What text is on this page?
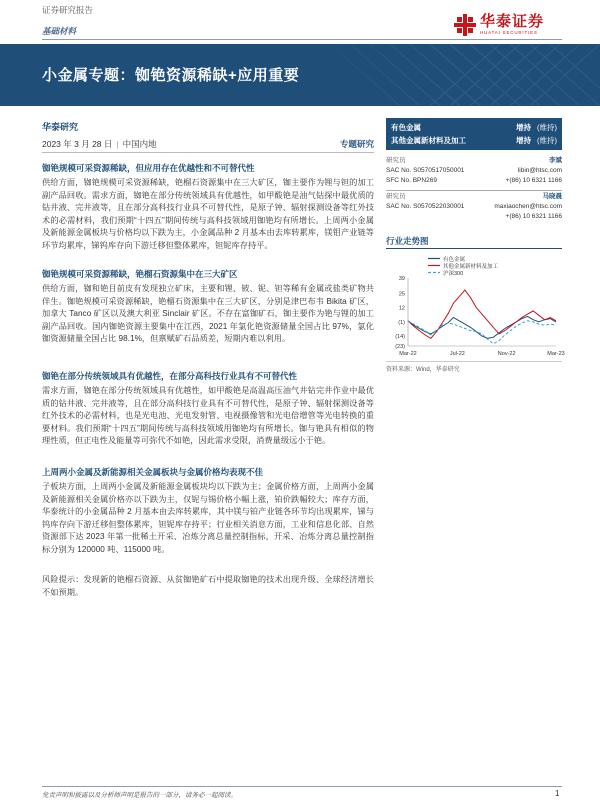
证券研究报告
基础材料
华泰证券
HUATAI SECURITIES
小金属专题：铷铯资源稀缺+应用重要
华泰研究
2023 年 3 月 28 日 | 中国内地	专题研究
铷铯规模可采资源稀缺，但应用存在优越性和不可替代性
供给方面，铷铯规模可采资源稀缺，铯榴石资源集中在三大矿区，铷主要作为锂与钽的加工副产品回收。需求方面，铷铯在部分传统领域具有优越性，如甲酸铯是油气钻探中最优质的钻井液、完井液等，且在部分高科技行业具不可替代性，是原子钟、辐射探测设备等红外技术的必需材料，我们预期“十四五”期间传统与高科技领域用铷铯均有所增长。上周两小金属及新能源金属板块与价格均以下跌为主，小金属品种 2 月基本由去库转累库，镁钼产业链等环节均累库，锑钨库存向下游迁移但整体累库，钽铌库存持平。
铷铯规模可采资源稀缺，铯榴石资源集中在三大矿区
供给方面，铷和铯目前皮有发现独立矿床，主要和锂、铍、铌、钽等稀有金属或盐类矿物共伴生。铷铯规模可采资源稀缺，铯榴石资源集中在三大矿区，分别是津巴布韦 Bikita 矿区，加拿大 Tanco 矿区以及澳大利亚 Sinclair 矿区。不存在富铷矿石，铷主要作为铯与锂的加工副产品回收。国内铷铯资源主要集中在江西，2021 年氯化铯资源储量全国占比 97%，氯化铷资源储量全国占比 98.1%，但禀赋矿石品质差，短期内难以利用。
铷铯在部分传统领域具有优越性，在部分高科技行业具有不可替代性
需求方面，铷铯在部分传统领域具有优越性，如甲酸铯是高温高压油气井钻完井作业中最优质的钻井液、完井液等，且在部分高科技行业具有不可替代性，是原子钟、辐射探测设备等红外技术的必需材料，也是光电池、光电发射管、电视摄像管和光电倍增管等光电转换的重要材料。我们预期“十四五”期间传统与高科技领域用铷铯均有所增长。铷与铯具有相似的物理性质，但正电性及能量等可弥代不如铯，因此需求受限，消费量级远小于铯。
上周两小金属及新能源相关金属板块与金属价格均表现不佳
子板块方面，上周两小金属及新能源金属板块均以下跌为主；金属价格方面，上周两小金属及新能源相关金属价格亦以下跌为主，仅铌与锡价格小幅上涨，铂价跌幅较大；库存方面，华泰统计的小金属品种 2 月基本由去库转累库，其中镁与铂产业链各环节均出现累库，锑与钨库存向下游迁移但整体累库，钽铌库存持平；行业相关消息方面，工业和信息化部、自然资源部下达 2023 年第一批稀土开采、冶炼分离总量控制指标，开采、冶炼分离总量控制指标分别为 120000 吨、115000 吨。
风险提示：发现新的铯榴石资源、从贫铷铯矿石中提取铷铯的技术出现升级、全球经济增长不如预期。
有色金属	增持 (维持)
其他金属新材料及加工	增持 (维持)
研究员	李斌
SAC No. S0570517050001	libin@htsc.com
SFC No. BPN269	+(86) 10 6321 1166
研究员	马晓晨
SAC No. S0570522030001	maxiaochen@htsc.com
+(86) 10 6321 1166
行业走势图
有色金属
其他金属新材料及加工
沪深300
39
25
12
(1)
(14)
(23)
Mar-22	Jul-22	Nov-22	Mar-23
资料来源：Wind，华泰研究
免责声明和披露以及分析师声明是报告的一部分，请务必一起阅读。	1
